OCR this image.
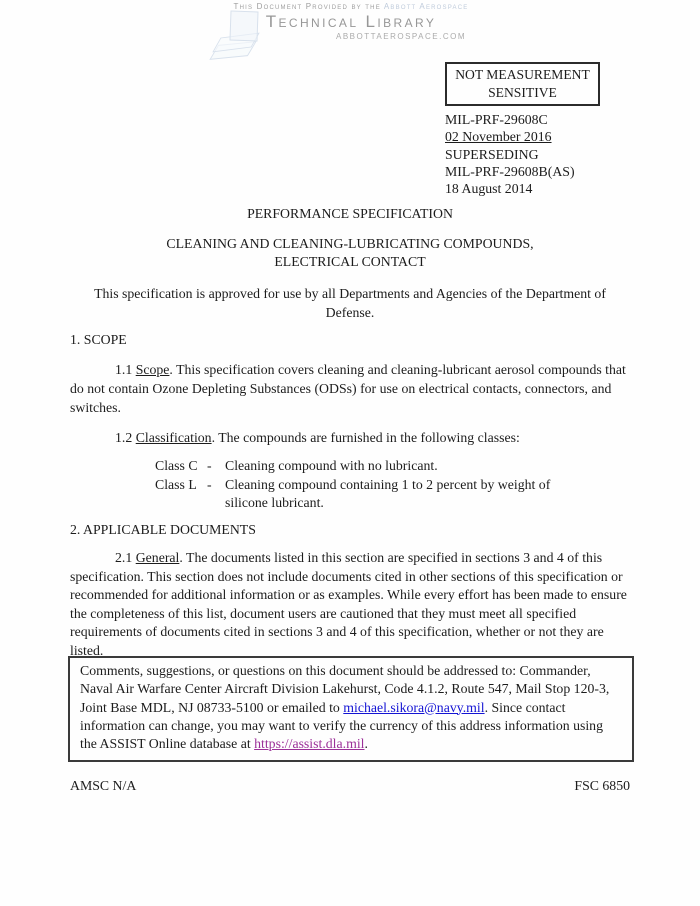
This Document Provided by the Abbott Aerospace
Technical Library
ABBOTTAEROSPACE.COM
NOT MEASUREMENT
SENSITIVE
MIL-PRF-29608C
02 November 2016
SUPERSEDING
MIL-PRF-29608B(AS)
18 August 2014
PERFORMANCE SPECIFICATION
CLEANING AND CLEANING-LUBRICATING COMPOUNDS,
ELECTRICAL CONTACT
This specification is approved for use by all Departments and Agencies of the Department of Defense.
1. SCOPE
1.1 Scope. This specification covers cleaning and cleaning-lubricant aerosol compounds that do not contain Ozone Depleting Substances (ODSs) for use on electrical contacts, connectors, and switches.
1.2 Classification. The compounds are furnished in the following classes:
Class C - Cleaning compound with no lubricant.
Class L - Cleaning compound containing 1 to 2 percent by weight of silicone lubricant.
2. APPLICABLE DOCUMENTS
2.1 General. The documents listed in this section are specified in sections 3 and 4 of this specification. This section does not include documents cited in other sections of this specification or recommended for additional information or as examples. While every effort has been made to ensure the completeness of this list, document users are cautioned that they must meet all specified requirements of documents cited in sections 3 and 4 of this specification, whether or not they are listed.
Comments, suggestions, or questions on this document should be addressed to: Commander, Naval Air Warfare Center Aircraft Division Lakehurst, Code 4.1.2, Route 547, Mail Stop 120-3, Joint Base MDL, NJ 08733-5100 or emailed to michael.sikora@navy.mil. Since contact information can change, you may want to verify the currency of this address information using the ASSIST Online database at https://assist.dla.mil.
AMSC N/A	FSC 6850
